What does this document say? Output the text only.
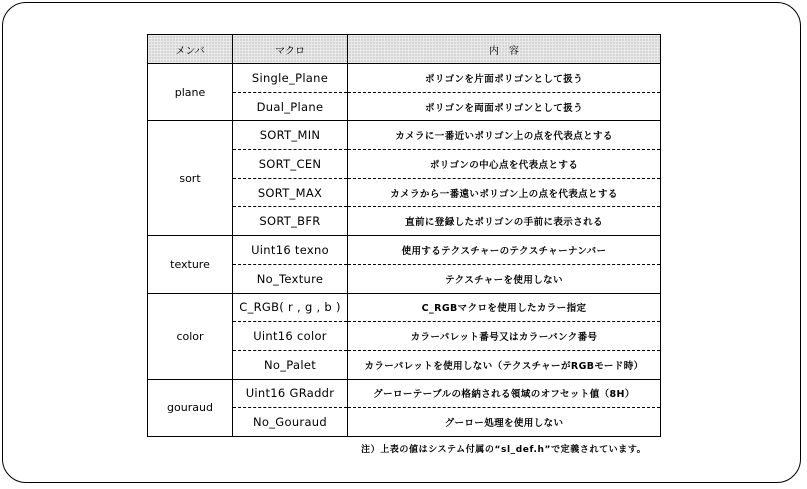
メンバ	マクロ	内　容
plane	Single_Plane	ポリゴンを片面ポリゴンとして扱う
	Dual_Plane	ポリゴンを両面ポリゴンとして扱う
sort	SORT_MIN	カメラに一番近いポリゴン上の点を代表点とする
	SORT_CEN	ポリゴンの中心点を代表点とする
	SORT_MAX	カメラから一番遠いポリゴン上の点を代表点とする
	SORT_BFR	直前に登録したポリゴンの手前に表示される
texture	Uint16 texno	使用するテクスチャーのテクスチャーナンバー
	No_Texture	テクスチャーを使用しない
color	C_RGB( r , g , b )	C_RGBマクロを使用したカラー指定
	Uint16 color	カラーパレット番号又はカラーバンク番号
	No_Palet	カラーパレットを使用しない（テクスチャーがRGBモード時）
gouraud	Uint16 GRaddr	グーローテーブルの格納される領域のオフセット値（8H）
	No_Gouraud	グーロー処理を使用しない
注）上表の値はシステム付属の“sl_def.h”で定義されています。
